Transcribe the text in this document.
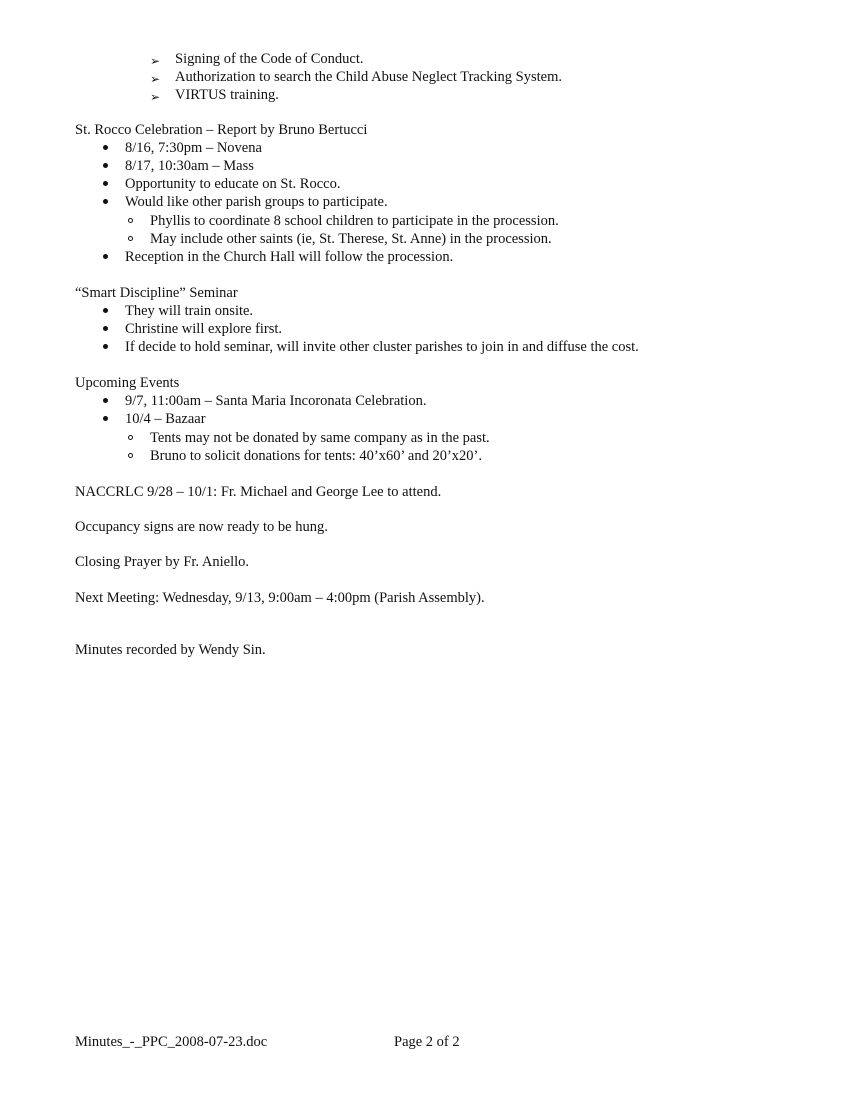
➢ Signing of the Code of Conduct.
➢ Authorization to search the Child Abuse Neglect Tracking System.
➢ VIRTUS training.
St. Rocco Celebration – Report by Bruno Bertucci
8/16, 7:30pm – Novena
8/17, 10:30am – Mass
Opportunity to educate on St. Rocco.
Would like other parish groups to participate.
Phyllis to coordinate 8 school children to participate in the procession.
May include other saints (ie, St. Therese, St. Anne) in the procession.
Reception in the Church Hall will follow the procession.
“Smart Discipline” Seminar
They will train onsite.
Christine will explore first.
If decide to hold seminar, will invite other cluster parishes to join in and diffuse the cost.
Upcoming Events
9/7, 11:00am – Santa Maria Incoronata Celebration.
10/4 – Bazaar
Tents may not be donated by same company as in the past.
Bruno to solicit donations for tents: 40’x60’ and 20’x20’.
NACCRLC 9/28 – 10/1: Fr. Michael and George Lee to attend.
Occupancy signs are now ready to be hung.
Closing Prayer by Fr. Aniello.
Next Meeting: Wednesday, 9/13, 9:00am – 4:00pm (Parish Assembly).
Minutes recorded by Wendy Sin.
Minutes_-_PPC_2008-07-23.doc	Page 2 of 2
